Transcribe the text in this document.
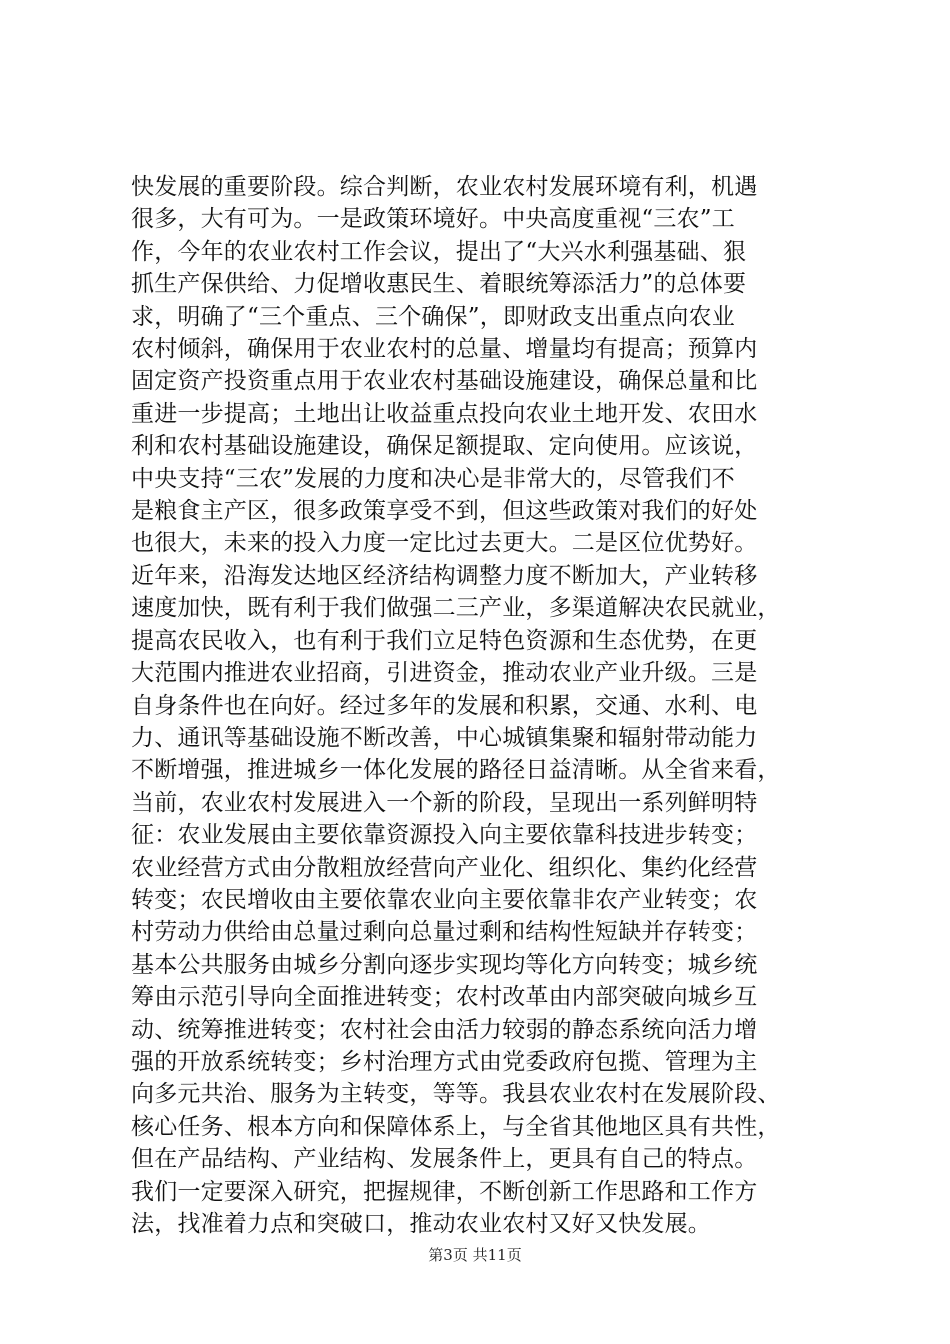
快发展的重要阶段。综合判断，农业农村发展环境有利，机遇
很多，大有可为。一是政策环境好。中央高度重视“三农”工
作，今年的农业农村工作会议，提出了“大兴水利强基础、狠
抓生产保供给、力促增收惠民生、着眼统筹添活力”的总体要
求，明确了“三个重点、三个确保”，即财政支出重点向农业
农村倾斜，确保用于农业农村的总量、增量均有提高；预算内
固定资产投资重点用于农业农村基础设施建设，确保总量和比
重进一步提高；土地出让收益重点投向农业土地开发、农田水
利和农村基础设施建设，确保足额提取、定向使用。应该说，
中央支持“三农”发展的力度和决心是非常大的，尽管我们不
是粮食主产区，很多政策享受不到，但这些政策对我们的好处
也很大，未来的投入力度一定比过去更大。二是区位优势好。
近年来，沿海发达地区经济结构调整力度不断加大，产业转移
速度加快，既有利于我们做强二三产业，多渠道解决农民就业，
提高农民收入，也有利于我们立足特色资源和生态优势，在更
大范围内推进农业招商，引进资金，推动农业产业升级。三是
自身条件也在向好。经过多年的发展和积累，交通、水利、电
力、通讯等基础设施不断改善，中心城镇集聚和辐射带动能力
不断增强，推进城乡一体化发展的路径日益清晰。从全省来看，
当前，农业农村发展进入一个新的阶段，呈现出一系列鲜明特
征：农业发展由主要依靠资源投入向主要依靠科技进步转变；
农业经营方式由分散粗放经营向产业化、组织化、集约化经营
转变；农民增收由主要依靠农业向主要依靠非农产业转变；农
村劳动力供给由总量过剩向总量过剩和结构性短缺并存转变；
基本公共服务由城乡分割向逐步实现均等化方向转变；城乡统
筹由示范引导向全面推进转变；农村改革由内部突破向城乡互
动、统筹推进转变；农村社会由活力较弱的静态系统向活力增
强的开放系统转变；乡村治理方式由党委政府包揽、管理为主
向多元共治、服务为主转变，等等。我县农业农村在发展阶段、
核心任务、根本方向和保障体系上，与全省其他地区具有共性，
但在产品结构、产业结构、发展条件上，更具有自己的特点。
我们一定要深入研究，把握规律，不断创新工作思路和工作方
法，找准着力点和突破口，推动农业农村又好又快发展。
第3页 共11页
